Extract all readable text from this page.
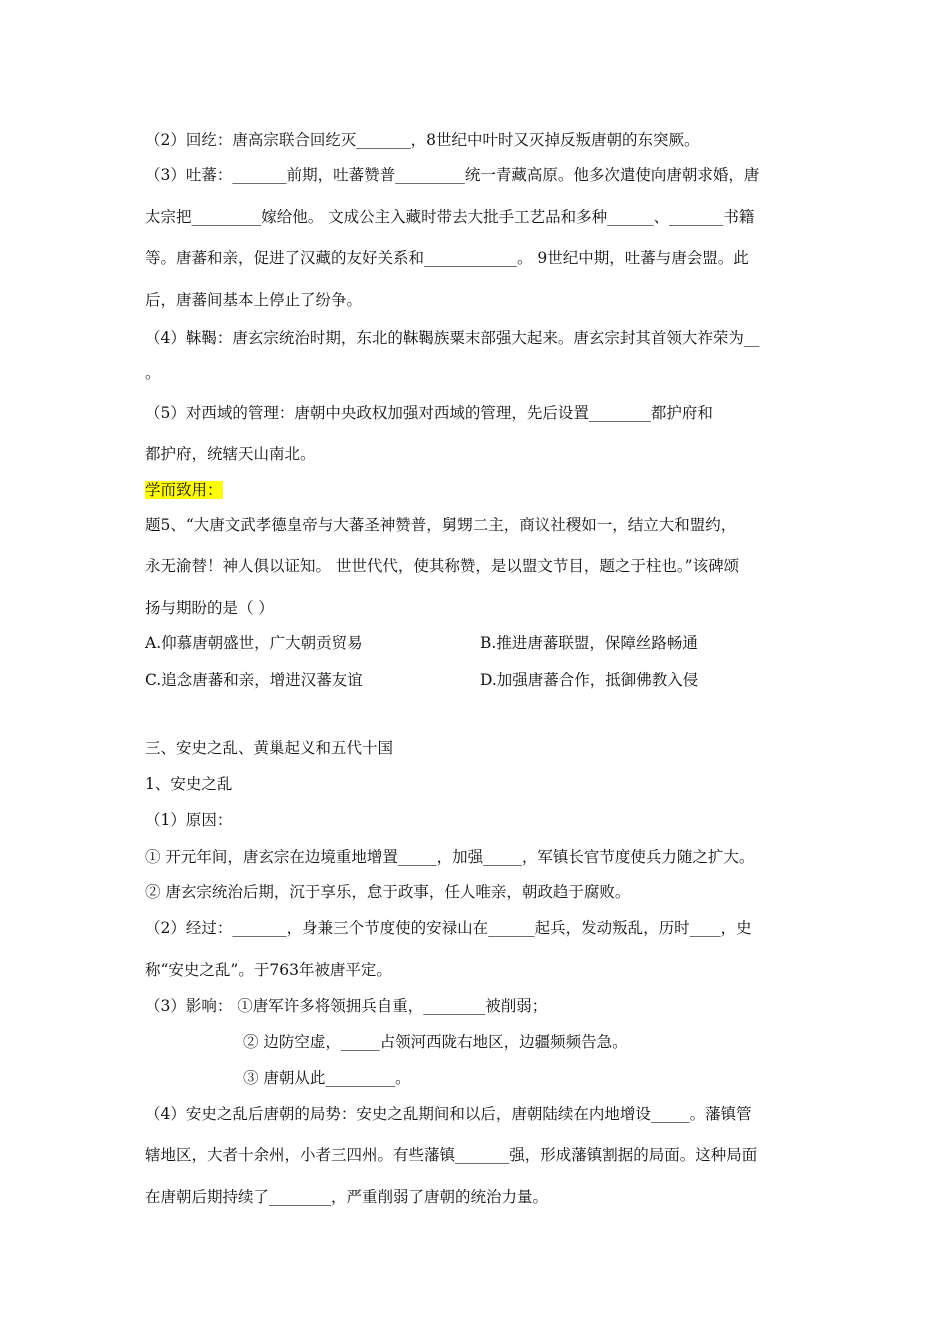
（2）回纥：唐高宗联合回纥灭_______，8世纪中叶时又灭掉反叛唐朝的东突厥。
（3）吐蕃：_______前期，吐蕃赞普_________统一青藏高原。他多次遣使向唐朝求婚，唐
太宗把_________嫁给他。 文成公主入藏时带去大批手工艺品和多种______、_______书籍
等。唐蕃和亲，促进了汉藏的友好关系和____________。 9世纪中期，吐蕃与唐会盟。此
后，唐蕃间基本上停止了纷争。
（4）靺鞨：唐玄宗统治时期，东北的靺鞨族粟末部强大起来。唐玄宗封其首领大祚荣为__
。
（5）对西域的管理：唐朝中央政权加强对西域的管理，先后设置________都护府和
都护府，统辖天山南北。
学而致用：
题5、“大唐文武孝德皇帝与大蕃圣神赞普，舅甥二主，商议社稷如一，结立大和盟约，
永无渝替！神人俱以证知。 世世代代，使其称赞，是以盟文节目，题之于柱也。”该碑颂
扬与期盼的是（ ）
A.仰慕唐朝盛世，广大朝贡贸易	B.推进唐蕃联盟，保障丝路畅通
C.追念唐蕃和亲，增进汉蕃友谊	D.加强唐蕃合作，抵御佛教入侵
三、安史之乱、黄巢起义和五代十国
1、安史之乱
（1）原因：
① 开元年间，唐玄宗在边境重地增置_____，加强_____，军镇长官节度使兵力随之扩大。
② 唐玄宗统治后期，沉于享乐，怠于政事，任人唯亲，朝政趋于腐败。
（2）经过：_______，身兼三个节度使的安禄山在______起兵，发动叛乱，历时____，史
称“安史之乱”。于763年被唐平定。
（3）影响： ①唐军许多将领拥兵自重，________被削弱；
② 边防空虚，_____占领河西陇右地区，边疆频频告急。
③ 唐朝从此_________。
（4）安史之乱后唐朝的局势：安史之乱期间和以后，唐朝陆续在内地增设_____。藩镇管
辖地区，大者十余州，小者三四州。有些藩镇_______强，形成藩镇割据的局面。这种局面
在唐朝后期持续了________，严重削弱了唐朝的统治力量。
